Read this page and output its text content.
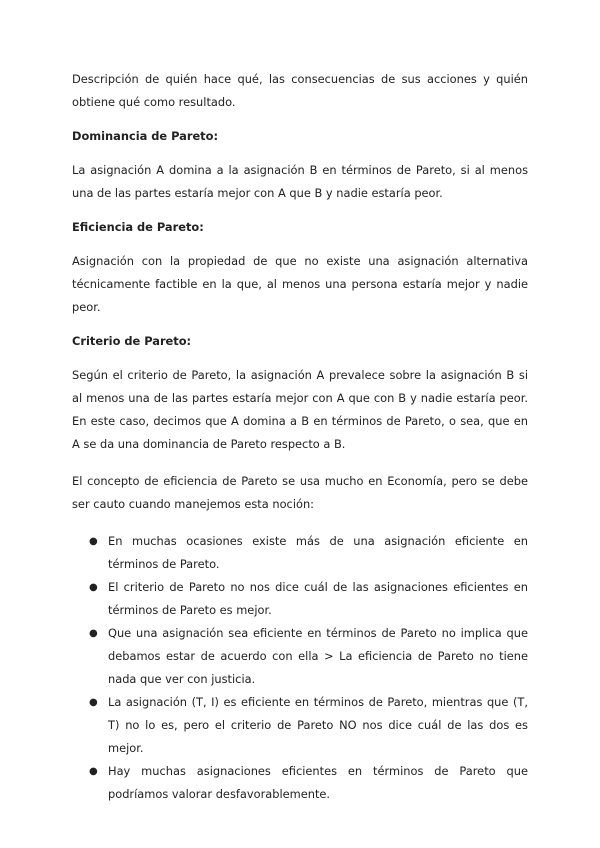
Descripción de quién hace qué, las consecuencias de sus acciones y quién obtiene qué como resultado.

Dominancia de Pareto:

La asignación A domina a la asignación B en términos de Pareto, si al menos una de las partes estaría mejor con A que B y nadie estaría peor.

Eficiencia de Pareto:

Asignación con la propiedad de que no existe una asignación alternativa técnicamente factible en la que, al menos una persona estaría mejor y nadie peor.

Criterio de Pareto:

Según el criterio de Pareto, la asignación A prevalece sobre la asignación B si al menos una de las partes estaría mejor con A que con B y nadie estaría peor. En este caso, decimos que A domina a B en términos de Pareto, o sea, que en A se da una dominancia de Pareto respecto a B.

El concepto de eficiencia de Pareto se usa mucho en Economía, pero se debe ser cauto cuando manejemos esta noción:

● En muchas ocasiones existe más de una asignación eficiente en términos de Pareto.
● El criterio de Pareto no nos dice cuál de las asignaciones eficientes en términos de Pareto es mejor.
● Que una asignación sea eficiente en términos de Pareto no implica que debamos estar de acuerdo con ella > La eficiencia de Pareto no tiene nada que ver con justicia.
● La asignación (T, I) es eficiente en términos de Pareto, mientras que (T, T) no lo es, pero el criterio de Pareto NO nos dice cuál de las dos es mejor.
● Hay muchas asignaciones eficientes en términos de Pareto que podríamos valorar desfavorablemente.
